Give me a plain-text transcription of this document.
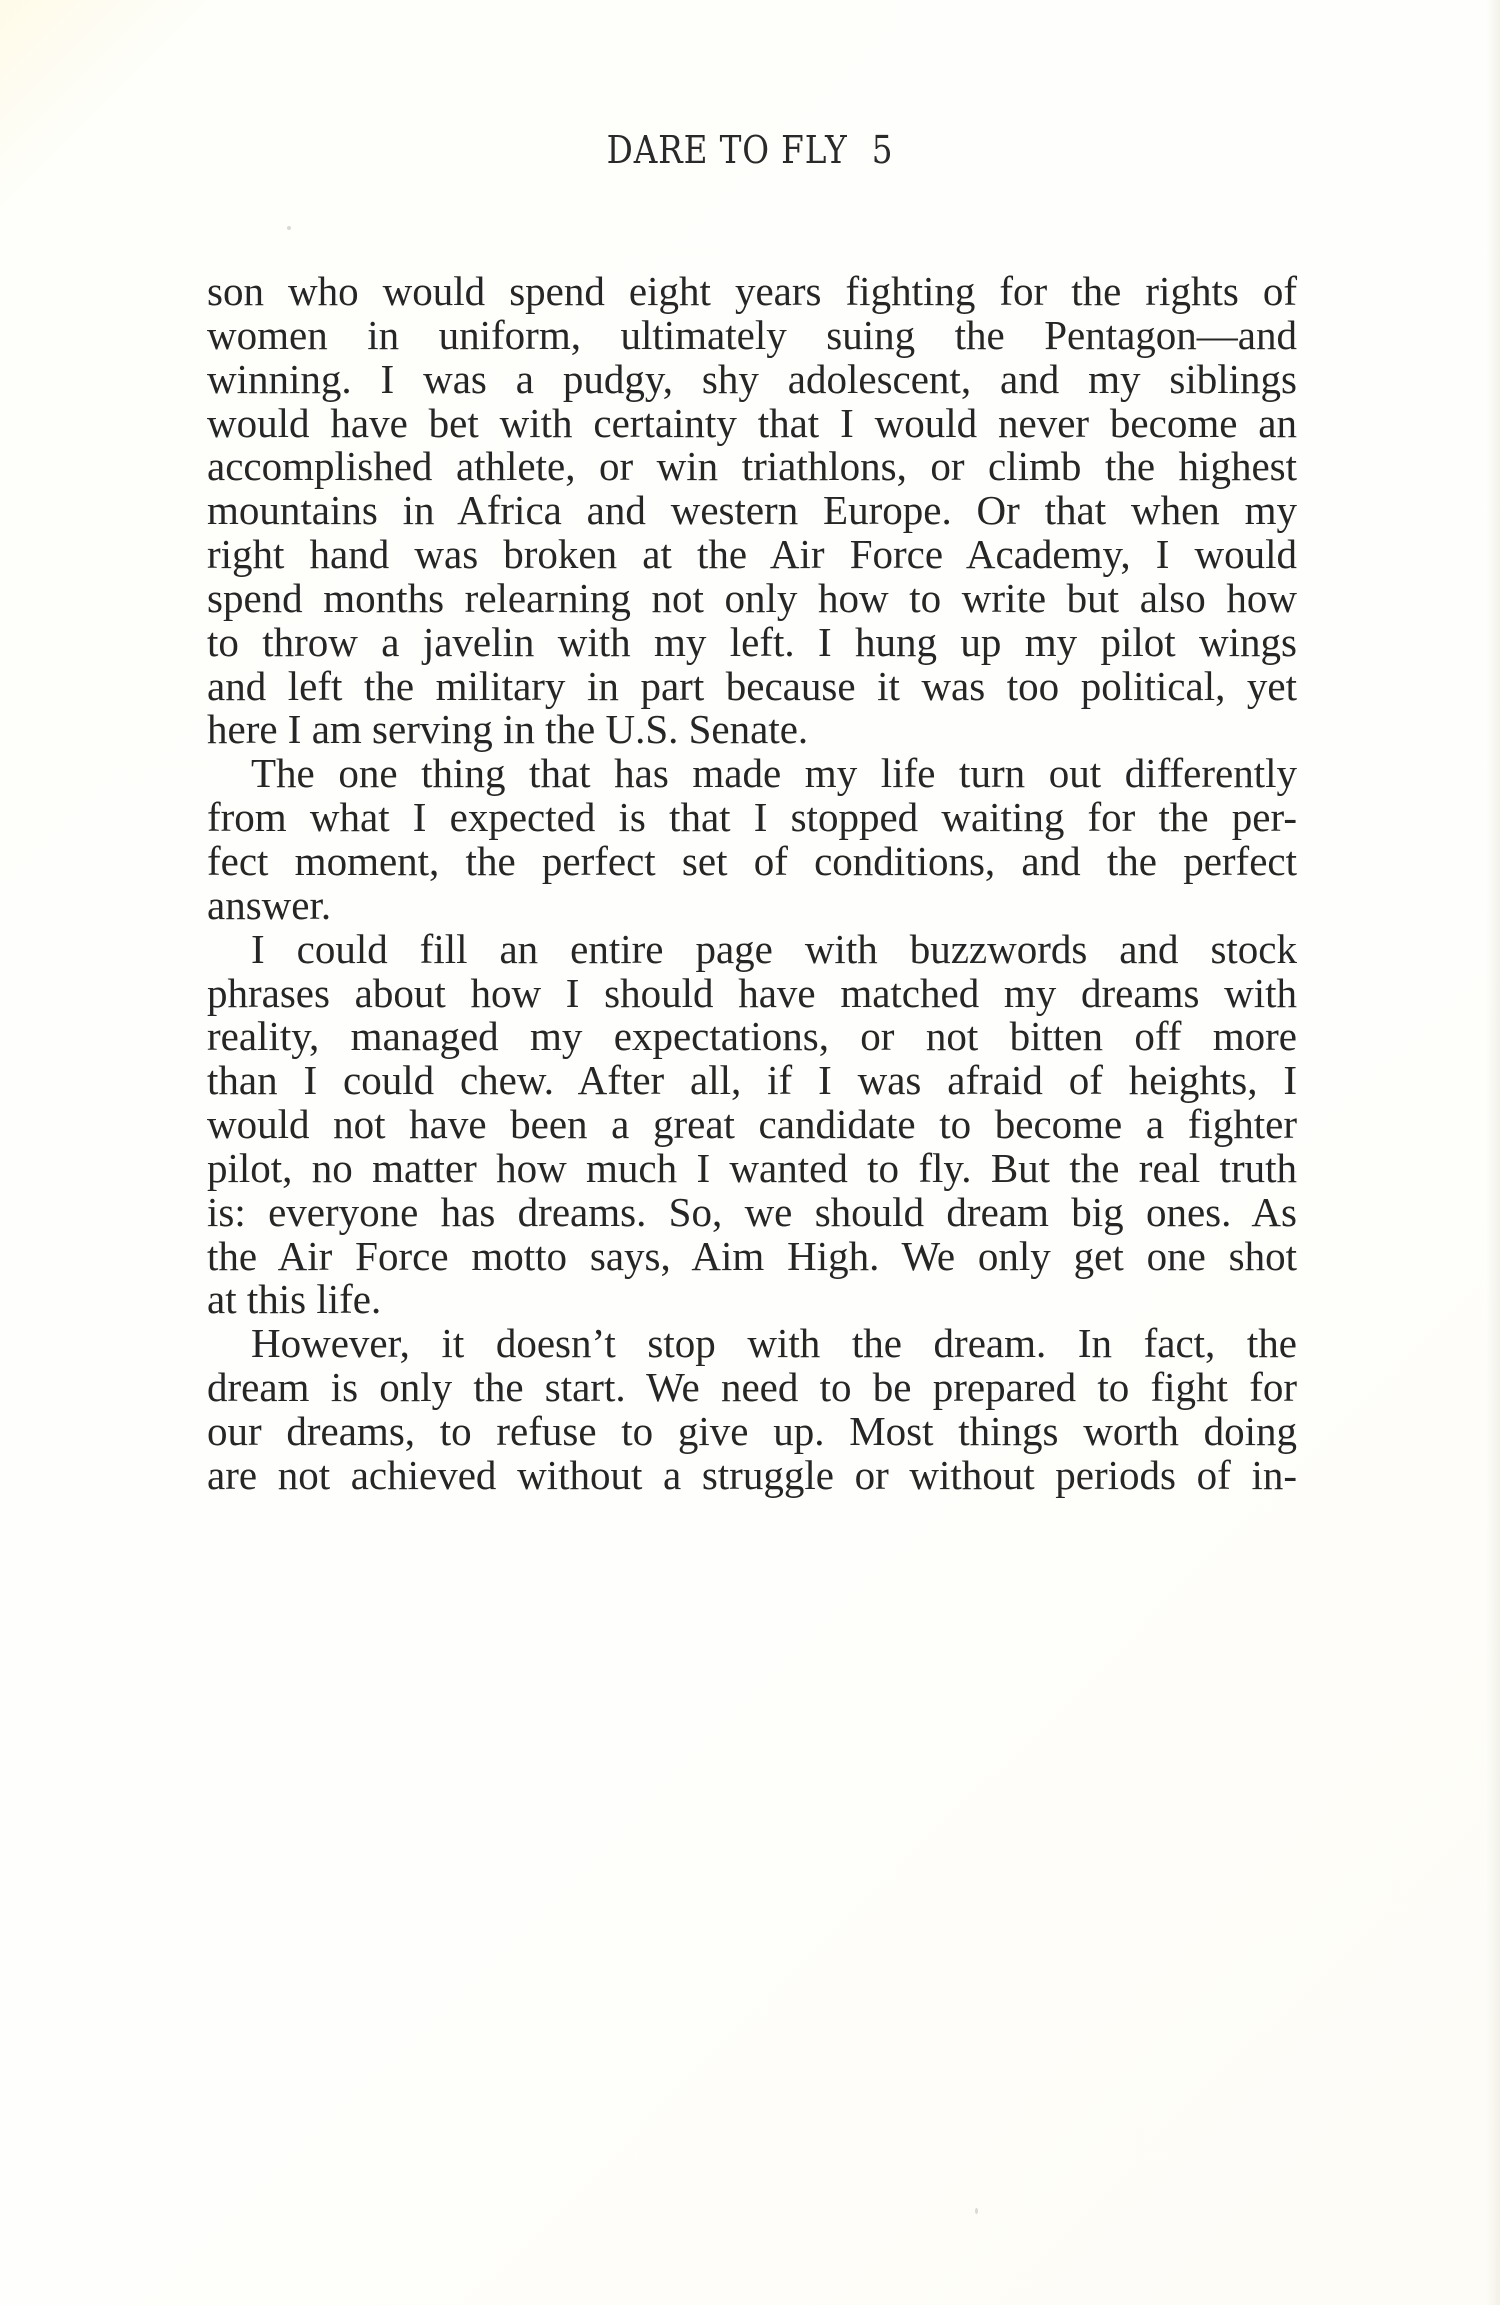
DARE TO FLY 5
son who would spend eight years fighting for the rights of
women in uniform, ultimately suing the Pentagon—and
winning. I was a pudgy, shy adolescent, and my siblings
would have bet with certainty that I would never become an
accomplished athlete, or win triathlons, or climb the highest
mountains in Africa and western Europe. Or that when my
right hand was broken at the Air Force Academy, I would
spend months relearning not only how to write but also how
to throw a javelin with my left. I hung up my pilot wings
and left the military in part because it was too political, yet
here I am serving in the U.S. Senate.
The one thing that has made my life turn out differently
from what I expected is that I stopped waiting for the per-
fect moment, the perfect set of conditions, and the perfect
answer.
I could fill an entire page with buzzwords and stock
phrases about how I should have matched my dreams with
reality, managed my expectations, or not bitten off more
than I could chew. After all, if I was afraid of heights, I
would not have been a great candidate to become a fighter
pilot, no matter how much I wanted to fly. But the real truth
is: everyone has dreams. So, we should dream big ones. As
the Air Force motto says, Aim High. We only get one shot
at this life.
However, it doesn’t stop with the dream. In fact, the
dream is only the start. We need to be prepared to fight for
our dreams, to refuse to give up. Most things worth doing
are not achieved without a struggle or without periods of in-
